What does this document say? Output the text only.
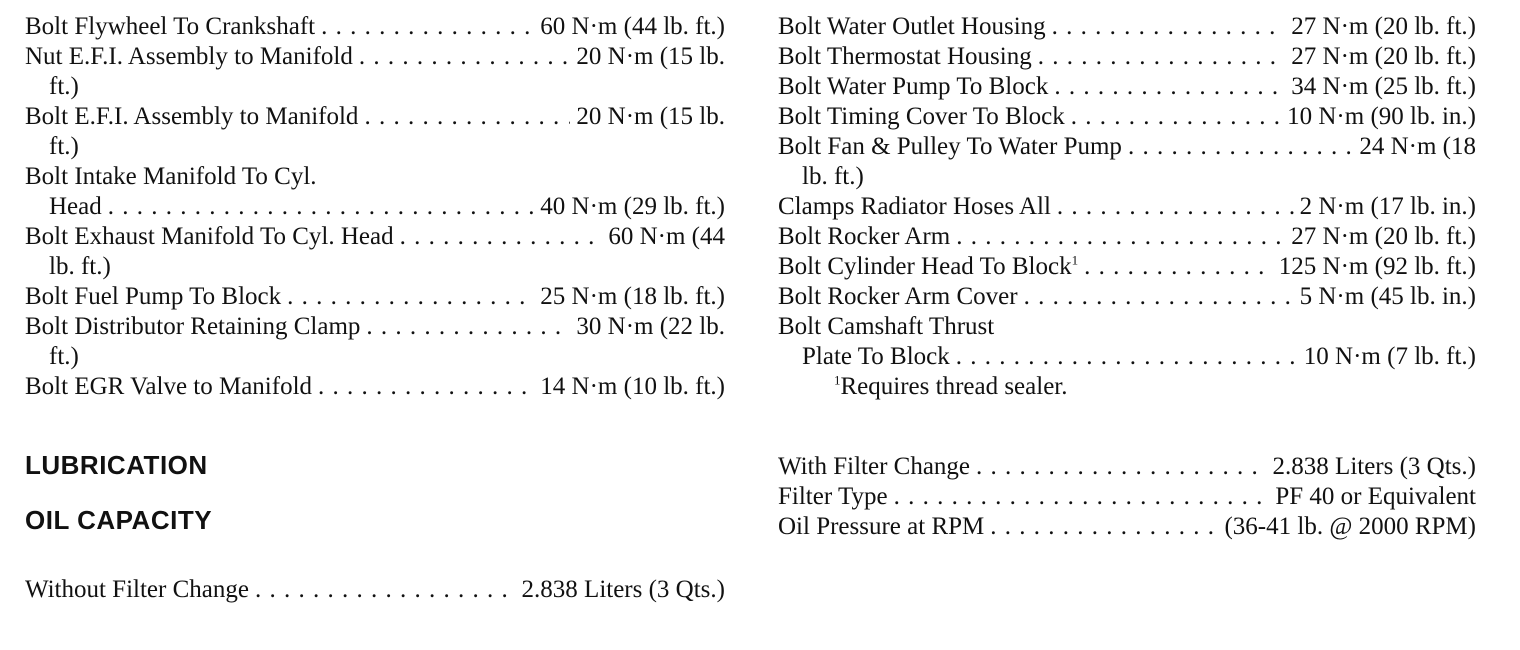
Bolt Flywheel To Crankshaft . . .	60 N·m (44 lb. ft.)
Nut E.F.I. Assembly to Manifold . . .	20 N·m (15 lb.
ft.)
Bolt E.F.I. Assembly to Manifold . . .	20 N·m (15 lb.
ft.)
Bolt Intake Manifold To Cyl.
Head . . .	40 N·m (29 lb. ft.)
Bolt Exhaust Manifold To Cyl. Head . . .	60 N·m (44
lb. ft.)
Bolt Fuel Pump To Block . . .	25 N·m (18 lb. ft.)
Bolt Distributor Retaining Clamp . . .	30 N·m (22 lb.
ft.)
Bolt EGR Valve to Manifold . . .	14 N·m (10 lb. ft.)
Bolt Water Outlet Housing . . .	27 N·m (20 lb. ft.)
Bolt Thermostat Housing . . .	27 N·m (20 lb. ft.)
Bolt Water Pump To Block . . .	34 N·m (25 lb. ft.)
Bolt Timing Cover To Block . . .	10 N·m (90 lb. in.)
Bolt Fan & Pulley To Water Pump . . .	24 N·m (18
lb. ft.)
Clamps Radiator Hoses All . . .	2 N·m (17 lb. in.)
Bolt Rocker Arm . . .	27 N·m (20 lb. ft.)
Bolt Cylinder Head To Block$^1$ . . .	125 N·m (92 lb. ft.)
Bolt Rocker Arm Cover . . .	5 N·m (45 lb. in.)
Bolt Camshaft Thrust
Plate To Block . . .	10 N·m (7 lb. ft.)
$^1$Requires thread sealer.
LUBRICATION
OIL CAPACITY
Without Filter Change . . .	2.838 Liters (3 Qts.)
With Filter Change . . .	2.838 Liters (3 Qts.)
Filter Type . . .	PF 40 or Equivalent
Oil Pressure at RPM . . .	(36-41 lb. @ 2000 RPM)
